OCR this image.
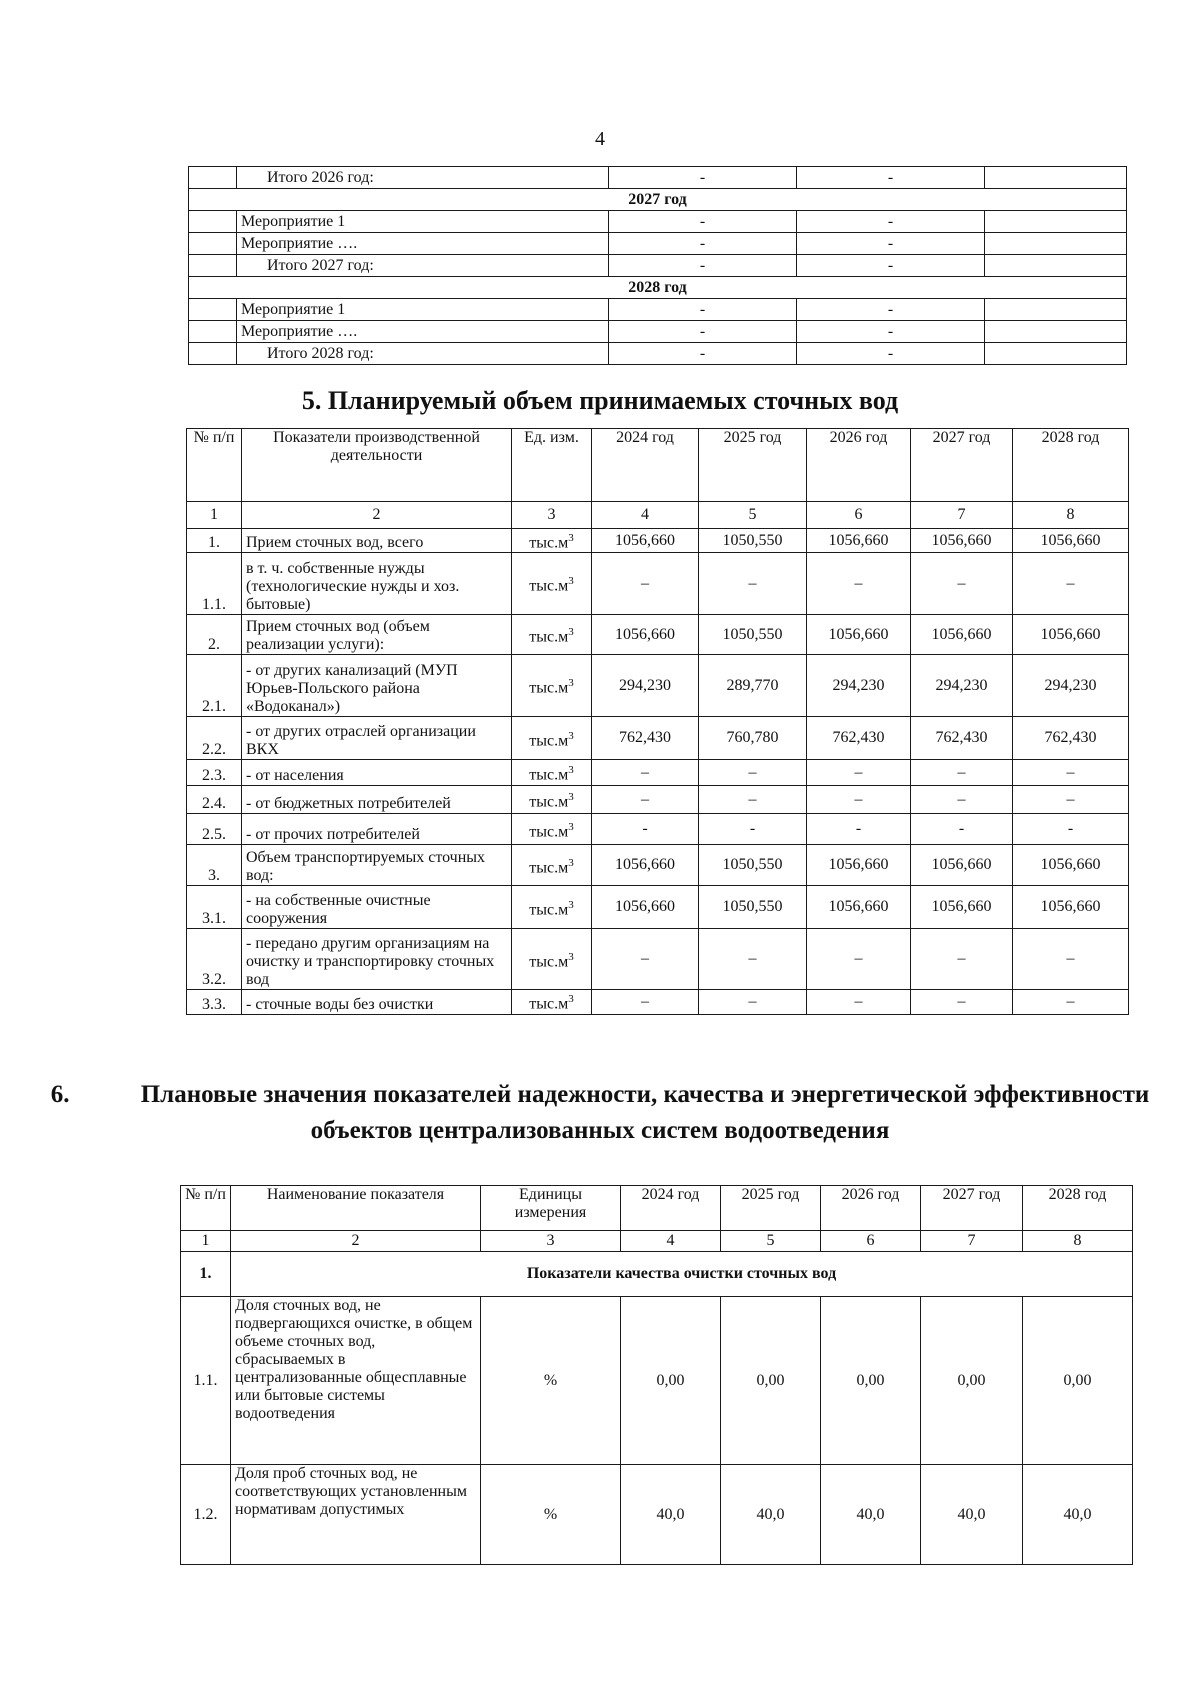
4
	Итого 2026 год:	-	-	
2027 год				
	Мероприятие 1	-	-	
	Мероприятие ….	-	-	
	Итого 2027 год:	-	-	
2028 год				
	Мероприятие 1	-	-	
	Мероприятие ….	-	-	
	Итого 2028 год:	-	-	
5. Планируемый объем принимаемых сточных вод
№ п/п	Показатели производственной деятельности	Ед. изм.	2024 год	2025 год	2026 год	2027 год	2028 год
1	2	3	4	5	6	7	8
1.	Прием сточных вод, всего	$тыс.м^3$	1056,660	1050,550	1056,660	1056,660	1056,660
1.1.	в т. ч. собственные нужды (технологические нужды и хоз. бытовые)	$тыс.м^3$	–	–	–	–	–
2.	Прием сточных вод (объем реализации услуги):	$тыс.м^3$	1056,660	1050,550	1056,660	1056,660	1056,660
2.1.	- от других канализаций (МУП Юрьев-Польского района «Водоканал»)	$тыс.м^3$	294,230	289,770	294,230	294,230	294,230
2.2.	- от других отраслей организации ВКХ	$тыс.м^3$	762,430	760,780	762,430	762,430	762,430
2.3.	- от населения	$тыс.м^3$	–	–	–	–	–
2.4.	- от бюджетных потребителей	$тыс.м^3$	–	–	–	–	–
2.5.	- от прочих потребителей	$тыс.м^3$	-	-	-	-	-
3.	Объем транспортируемых сточных вод:	$тыс.м^3$	1056,660	1050,550	1056,660	1056,660	1056,660
3.1.	- на собственные очистные сооружения	$тыс.м^3$	1056,660	1050,550	1056,660	1056,660	1056,660
3.2.	- передано другим организациям на очистку и транспортировку сточных вод	$тыс.м^3$	–	–	–	–	–
3.3.	- сточные воды без очистки	$тыс.м^3$	–	–	–	–	–
6.	Плановые значения показателей надежности, качества и энергетической эффективности объектов централизованных систем водоотведения
№ п/п	Наименование показателя	Единицы измерения	2024 год	2025 год	2026 год	2027 год	2028 год
1	2	3	4	5	6	7	8
1.	Показатели качества очистки сточных вод						
1.1.	Доля сточных вод, не подвергающихся очистке, в общем объеме сточных вод, сбрасываемых в централизованные общесплавные или бытовые системы водоотведения	%	0,00	0,00	0,00	0,00	0,00
1.2.	Доля проб сточных вод, не соответствующих установленным нормативам допустимых	%	40,0	40,0	40,0	40,0	40,0
